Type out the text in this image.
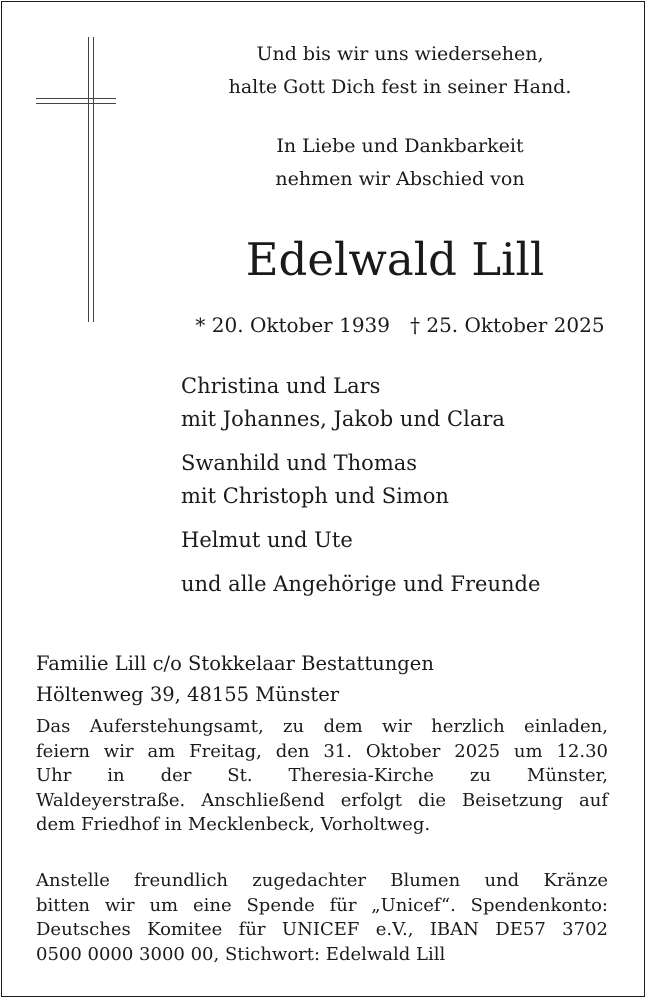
Und bis wir uns wiedersehen,
halte Gott Dich fest in seiner Hand.
In Liebe und Dankbarkeit
nehmen wir Abschied von
Edelwald Lill
* 20. Oktober 1939 † 25. Oktober 2025
Christina und Lars
mit Johannes, Jakob und Clara
Swanhild und Thomas
mit Christoph und Simon
Helmut und Ute
und alle Angehörige und Freunde
Familie Lill c/o Stokkelaar Bestattungen
Höltenweg 39, 48155 Münster
Das Auferstehungsamt, zu dem wir herzlich einladen,
feiern wir am Freitag, den 31. Oktober 2025 um 12.30
Uhr in der St. Theresia-Kirche zu Münster,
Waldeyerstraße. Anschließend erfolgt die Beisetzung auf
dem Friedhof in Mecklenbeck, Vorholtweg.
Anstelle freundlich zugedachter Blumen und Kränze
bitten wir um eine Spende für „Unicef“. Spendenkonto:
Deutsches Komitee für UNICEF e.V., IBAN DE57 3702
0500 0000 3000 00, Stichwort: Edelwald Lill
